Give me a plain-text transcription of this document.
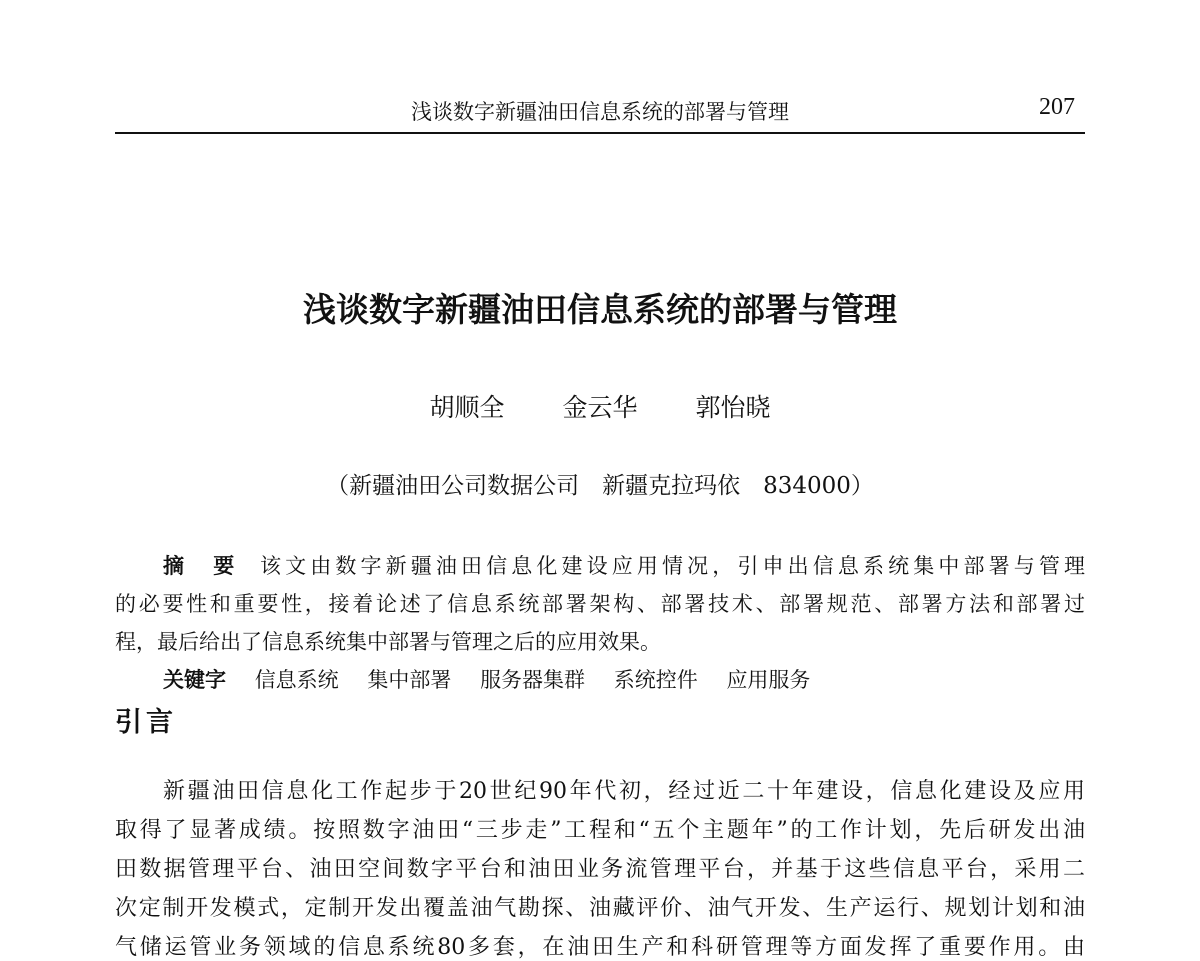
浅谈数字新疆油田信息系统的部署与管理	207
浅谈数字新疆油田信息系统的部署与管理
胡顺全 金云华 郭怡晓
（新疆油田公司数据公司　新疆克拉玛依　834000）
摘　要 该文由数字新疆油田信息化建设应用情况，引申出信息系统集中部署与管理
的必要性和重要性，接着论述了信息系统部署架构、部署技术、部署规范、部署方法和部署过
程，最后给出了信息系统集中部署与管理之后的应用效果。
关键字 信息系统 集中部署 服务器集群 系统控件 应用服务
引言
新疆油田信息化工作起步于20世纪90年代初，经过近二十年建设，信息化建设及应用
取得了显著成绩。按照数字油田“三步走”工程和“五个主题年”的工作计划，先后研发出油
田数据管理平台、油田空间数字平台和油田业务流管理平台，并基于这些信息平台，采用二
次定制开发模式，定制开发出覆盖油气勘探、油藏评价、油气开发、生产运行、规划计划和油
气储运管业务领域的信息系统80多套，在油田生产和科研管理等方面发挥了重要作用。由
